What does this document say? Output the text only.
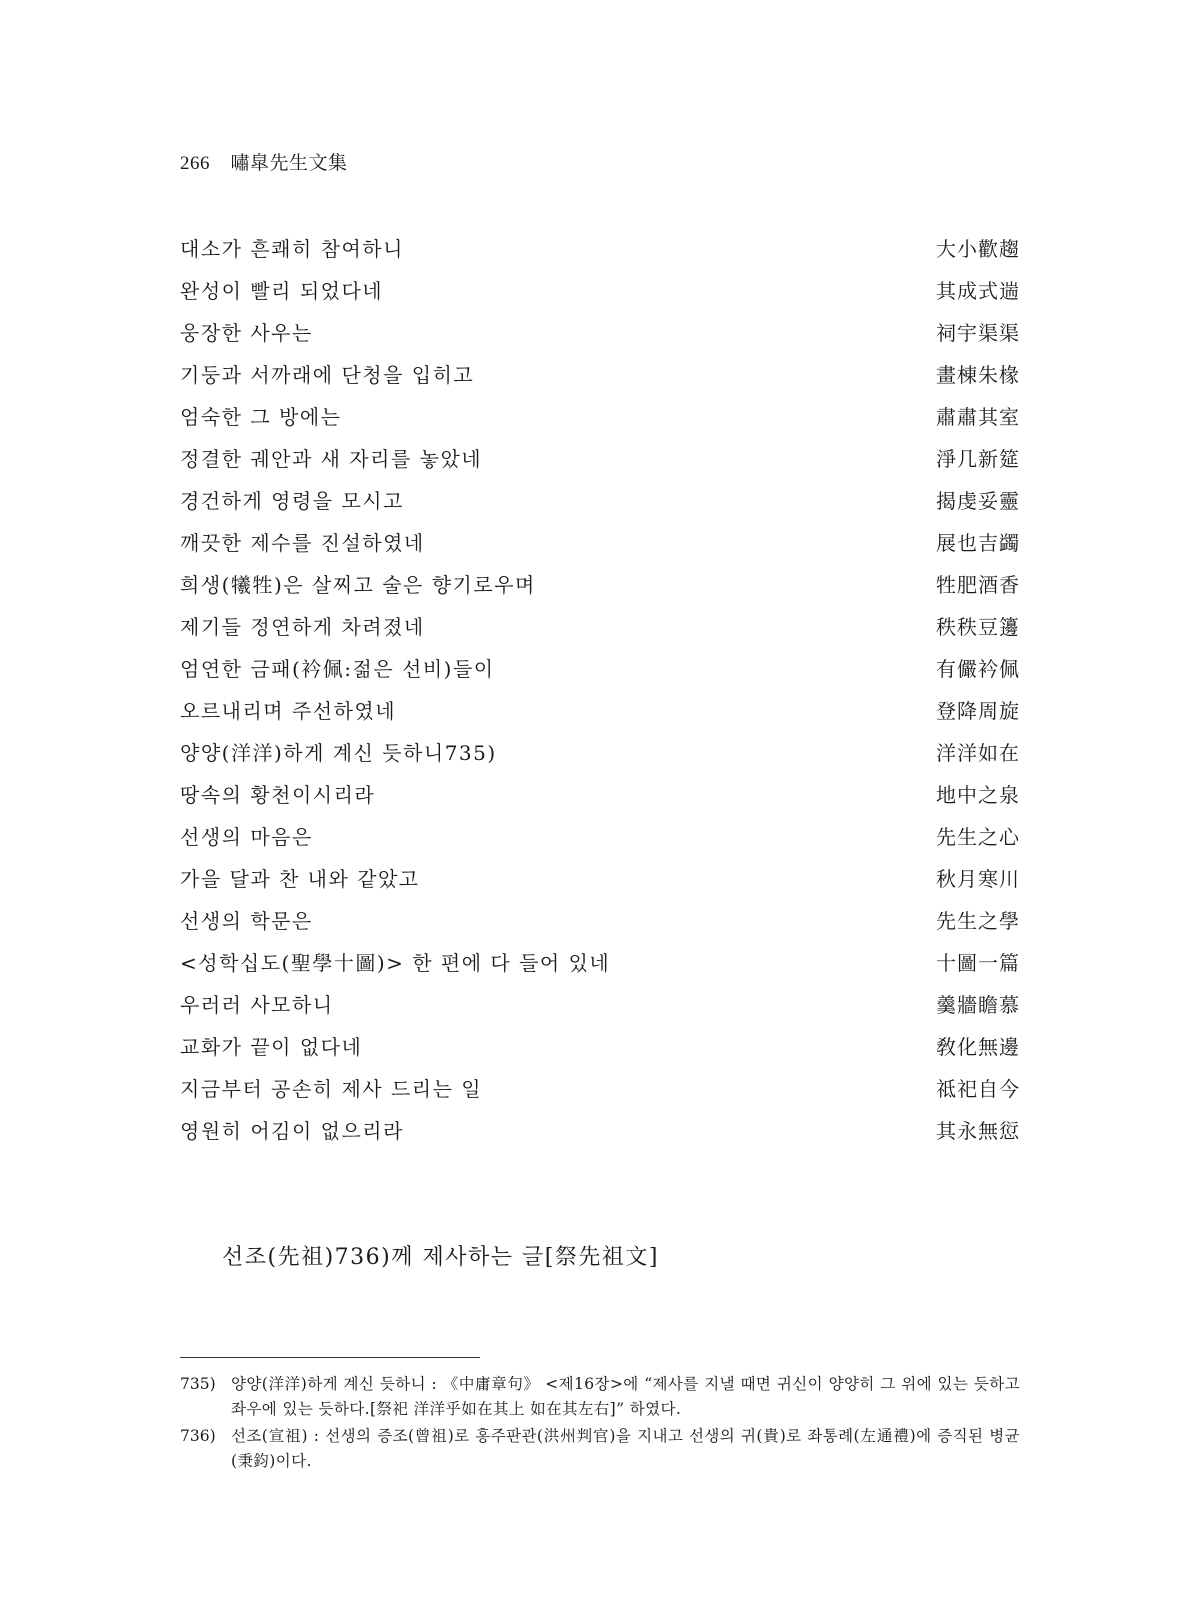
266 嘯皐先生文集
대소가 흔쾌히 참여하니	大小歡趨
완성이 빨리 되었다네	其成式遄
웅장한 사우는	祠宇渠渠
기둥과 서까래에 단청을 입히고	畫棟朱椽
엄숙한 그 방에는	肅肅其室
정결한 궤안과 새 자리를 놓았네	淨几新筵
경건하게 영령을 모시고	揭虔妥靈
깨끗한 제수를 진설하였네	展也吉蠲
희생(犧牲)은 살찌고 술은 향기로우며	牲肥酒香
제기들 정연하게 차려졌네	秩秩豆籩
엄연한 금패(衿佩:젊은 선비)들이	有儼衿佩
오르내리며 주선하였네	登降周旋
양양(洋洋)하게 계신 듯하니735)	洋洋如在
땅속의 황천이시리라	地中之泉
선생의 마음은	先生之心
가을 달과 찬 내와 같았고	秋月寒川
선생의 학문은	先生之學
<성학십도(聖學十圖)> 한 편에 다 들어 있네	十圖一篇
우러러 사모하니	羹牆瞻慕
교화가 끝이 없다네	敎化無邊
지금부터 공손히 제사 드리는 일	祗祀自今
영원히 어김이 없으리라	其永無愆
선조(先祖)736)께 제사하는 글[祭先祖文]
735) 양양(洋洋)하게 계신 듯하니 : 《中庸章句》 <제16장>에 “제사를 지낼 때면 귀신이 양양히 그 위에 있는 듯하고 좌우에 있는 듯하다.[祭祀 洋洋乎如在其上 如在其左右]” 하였다.
736) 선조(宣祖) : 선생의 증조(曾祖)로 홍주판관(洪州判官)을 지내고 선생의 귀(貴)로 좌통례(左通禮)에 증직된 병균(秉鈞)이다.
